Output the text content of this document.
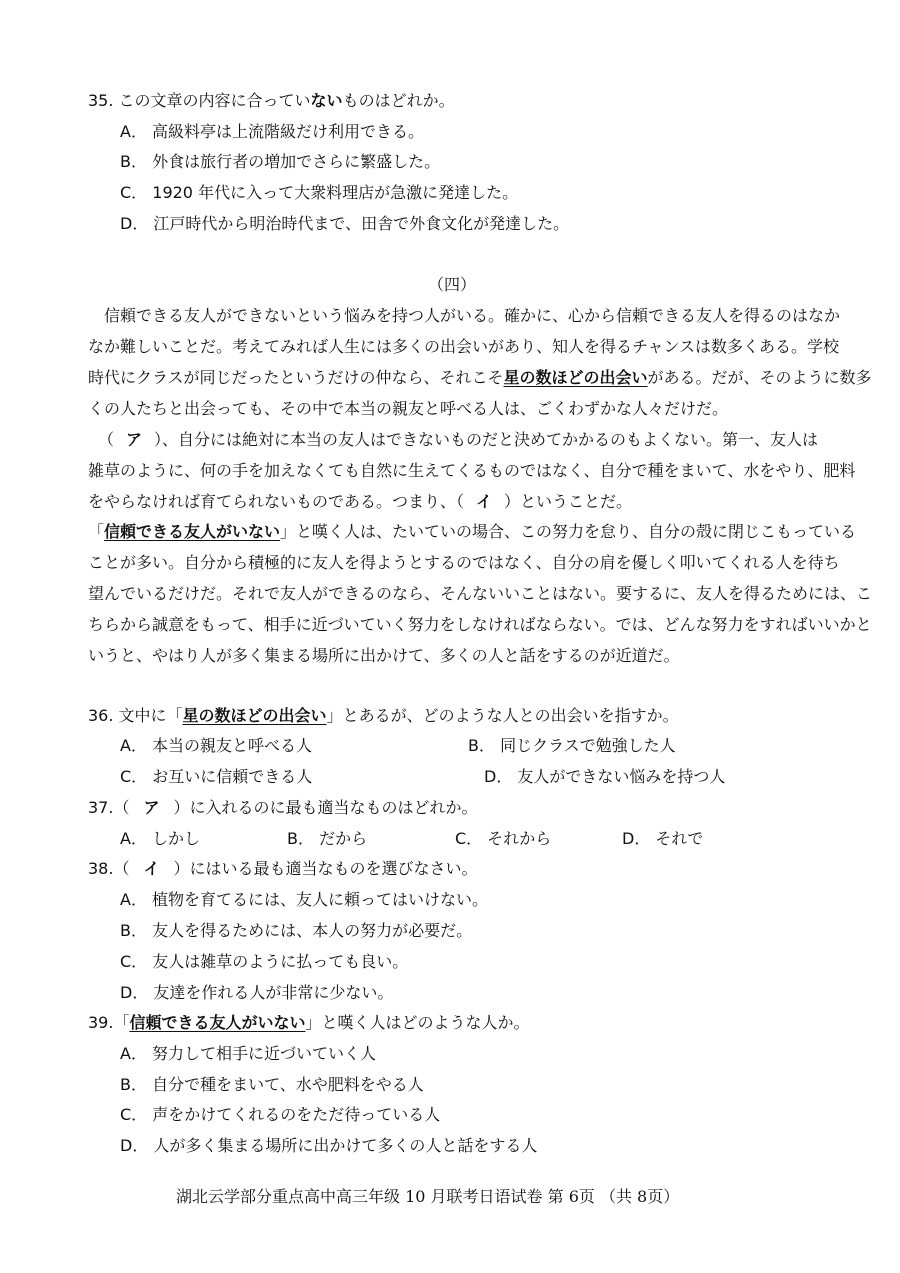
35. この文章の内容に合っていないものはどれか。
A． 高級料亭は上流階級だけ利用できる。
B． 外食は旅行者の増加でさらに繁盛した。
C． 1920 年代に入って大衆料理店が急激に発達した。
D． 江戸時代から明治時代まで、田舎で外食文化が発達した。
（四）
信頼できる友人ができないという悩みを持つ人がいる。確かに、心から信頼できる友人を得るのはなか
なか難しいことだ。考えてみれば人生には多くの出会いがあり、知人を得るチャンスは数多くある。学校
時代にクラスが同じだったというだけの仲なら、それこそ星の数ほどの出会いがある。だが、そのように数多
くの人たちと出会っても、その中で本当の親友と呼べる人は、ごくわずかな人々だけだ。
（ ア ）、自分には絶対に本当の友人はできないものだと決めてかかるのもよくない。第一、友人は
雑草のように、何の手を加えなくても自然に生えてくるものではなく、自分で種をまいて、水をやり、肥料
をやらなければ育てられないものである。つまり、（ イ ）ということだ。
「信頼できる友人がいない」と嘆く人は、たいていの場合、この努力を怠り、自分の殻に閉じこもっている
ことが多い。自分から積極的に友人を得ようとするのではなく、自分の肩を優しく叩いてくれる人を待ち
望んでいるだけだ。それで友人ができるのなら、そんないいことはない。要するに、友人を得るためには、こ
ちらから誠意をもって、相手に近づいていく努力をしなければならない。では、どんな努力をすればいいかと
いうと、やはり人が多く集まる場所に出かけて、多くの人と話をするのが近道だ。
36. 文中に「星の数ほどの出会い」とあるが、どのような人との出会いを指すか。
A． 本当の親友と呼べる人	B． 同じクラスで勉強した人
C． お互いに信頼できる人	D． 友人ができない悩みを持つ人
37.（ ア ）に入れるのに最も適当なものはどれか。
A． しかし	B． だから	C． それから	D． それで
38.（ イ ）にはいる最も適当なものを選びなさい。
A． 植物を育てるには、友人に頼ってはいけない。
B． 友人を得るためには、本人の努力が必要だ。
C． 友人は雑草のように払っても良い。
D． 友達を作れる人が非常に少ない。
39.「信頼できる友人がいない」と嘆く人はどのような人か。
A． 努力して相手に近づいていく人
B． 自分で種をまいて、水や肥料をやる人
C． 声をかけてくれるのをただ待っている人
D． 人が多く集まる場所に出かけて多くの人と話をする人
湖北云学部分重点高中高三年级 10 月联考日语试卷 第 6页 （共 8页）
